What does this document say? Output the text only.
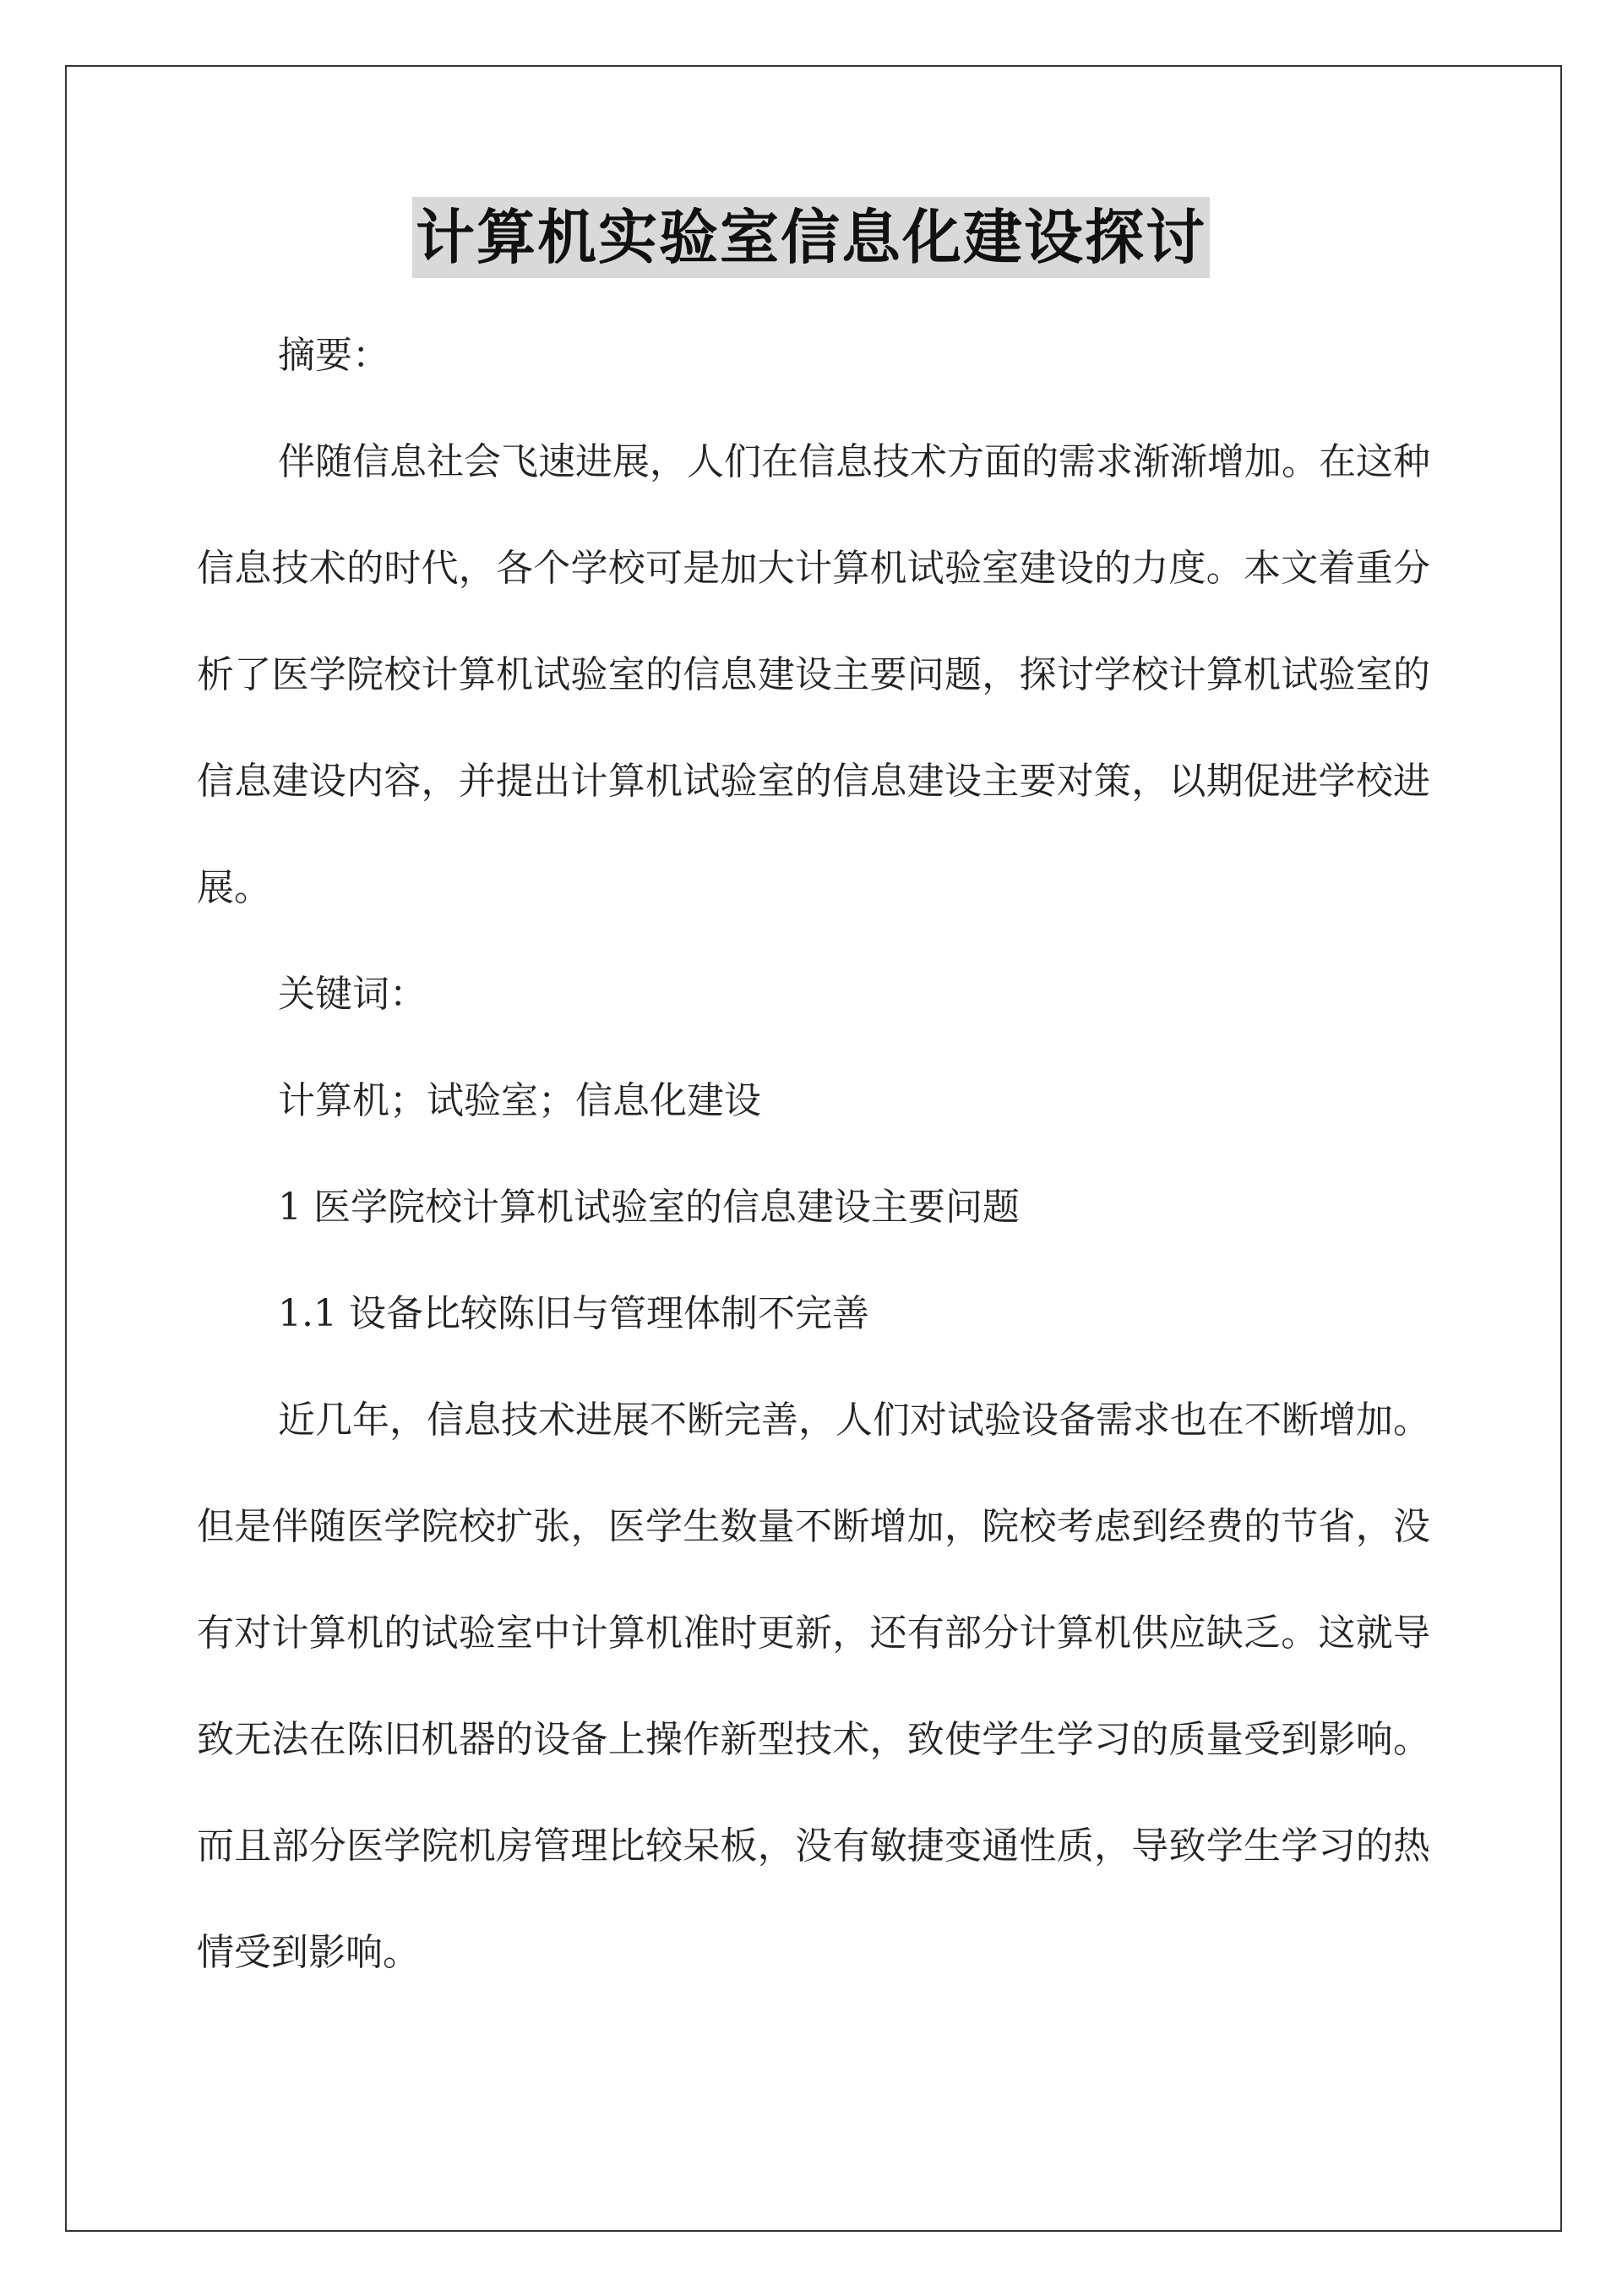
计算机实验室信息化建设探讨

摘要：

伴随信息社会飞速进展，人们在信息技术方面的需求渐渐增加。在这种信息技术的时代，各个学校可是加大计算机试验室建设的力度。本文着重分析了医学院校计算机试验室的信息建设主要问题，探讨学校计算机试验室的信息建设内容，并提出计算机试验室的信息建设主要对策，以期促进学校进展。

关键词：

计算机；试验室；信息化建设

1 医学院校计算机试验室的信息建设主要问题

1.1 设备比较陈旧与管理体制不完善

近几年，信息技术进展不断完善，人们对试验设备需求也在不断增加。但是伴随医学院校扩张，医学生数量不断增加，院校考虑到经费的节省，没有对计算机的试验室中计算机准时更新，还有部分计算机供应缺乏。这就导致无法在陈旧机器的设备上操作新型技术，致使学生学习的质量受到影响。而且部分医学院机房管理比较呆板，没有敏捷变通性质，导致学生学习的热情受到影响。
